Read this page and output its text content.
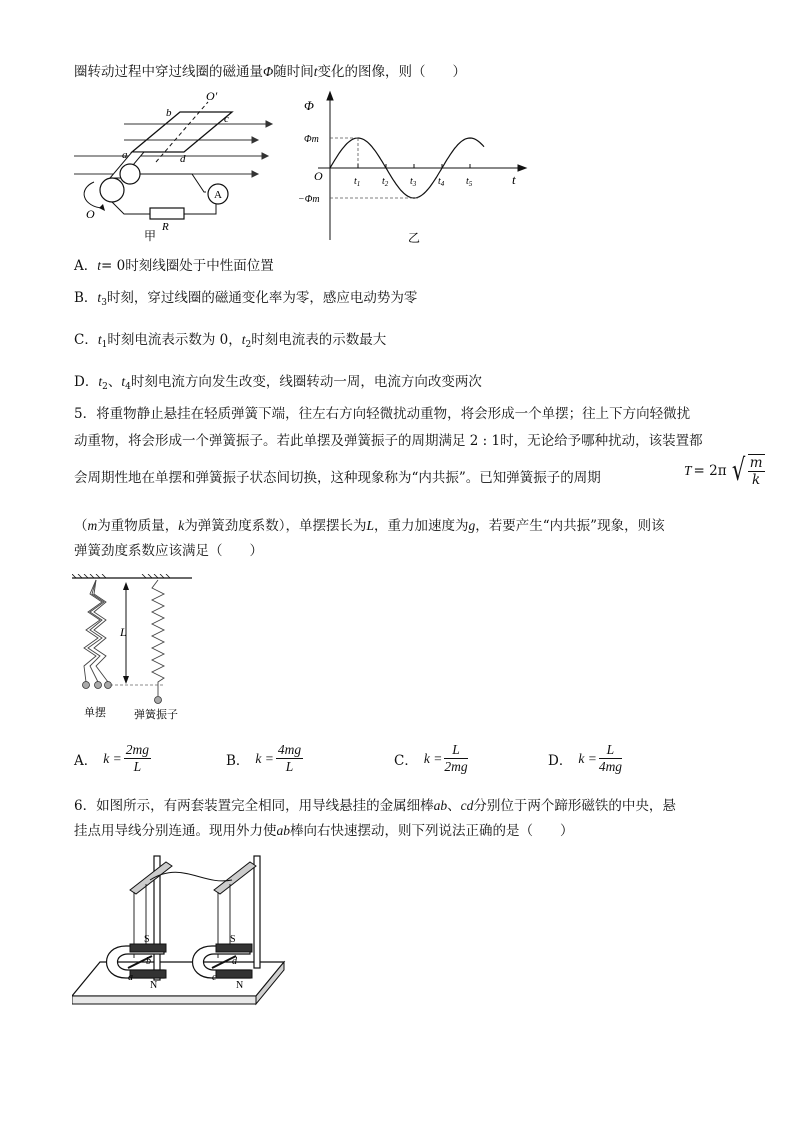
圈转动过程中穿过线圈的磁通量Φ随时间t变化的图像，则（　　）
A
O′
b	c
a	d
O
R
甲
$t_1$ $t_2$ $t_3$ $t_4$ $t_5$
Φ
t
O
Φm
−Φm
乙
A．t= 0时刻线圈处于中性面位置
B．$t_3$时刻，穿过线圈的磁通变化率为零，感应电动势为零
C．$t_1$时刻电流表示数为 0，$t_2$时刻电流表的示数最大
D．$t_2$、$t_4$时刻电流方向发生改变，线圈转动一周，电流方向改变两次
5．将重物静止悬挂在轻质弹簧下端，往左右方向轻微扰动重物，将会形成一个单摆；往上下方向轻微扰
动重物，将会形成一个弹簧振子。若此单摆及弹簧振子的周期满足 2 : 1时，无论给予哪种扰动，该装置都
会周期性地在单摆和弹簧振子状态间切换，这种现象称为“内共振”。已知弹簧振子的周期	T = 2π √ $\frac{m}{k}$
（m为重物质量，k为弹簧劲度系数），单摆摆长为L，重力加速度为g，若要产生“内共振”现象，则该
弹簧劲度系数应该满足（　　）
L
单摆	弹簧振子
A． $k = \frac{2mg}{L}$	B． $k = \frac{4mg}{L}$	C． $k = \frac{L}{2mg}$	D． $k = \frac{L}{4mg}$
6．如图所示，有两套装置完全相同，用导线悬挂的金属细棒ab、cd分别位于两个蹄形磁铁的中央，悬
挂点用导线分别连通。现用外力使ab棒向右快速摆动，则下列说法正确的是（　　）
S
N
S
N
a
b
c
d
